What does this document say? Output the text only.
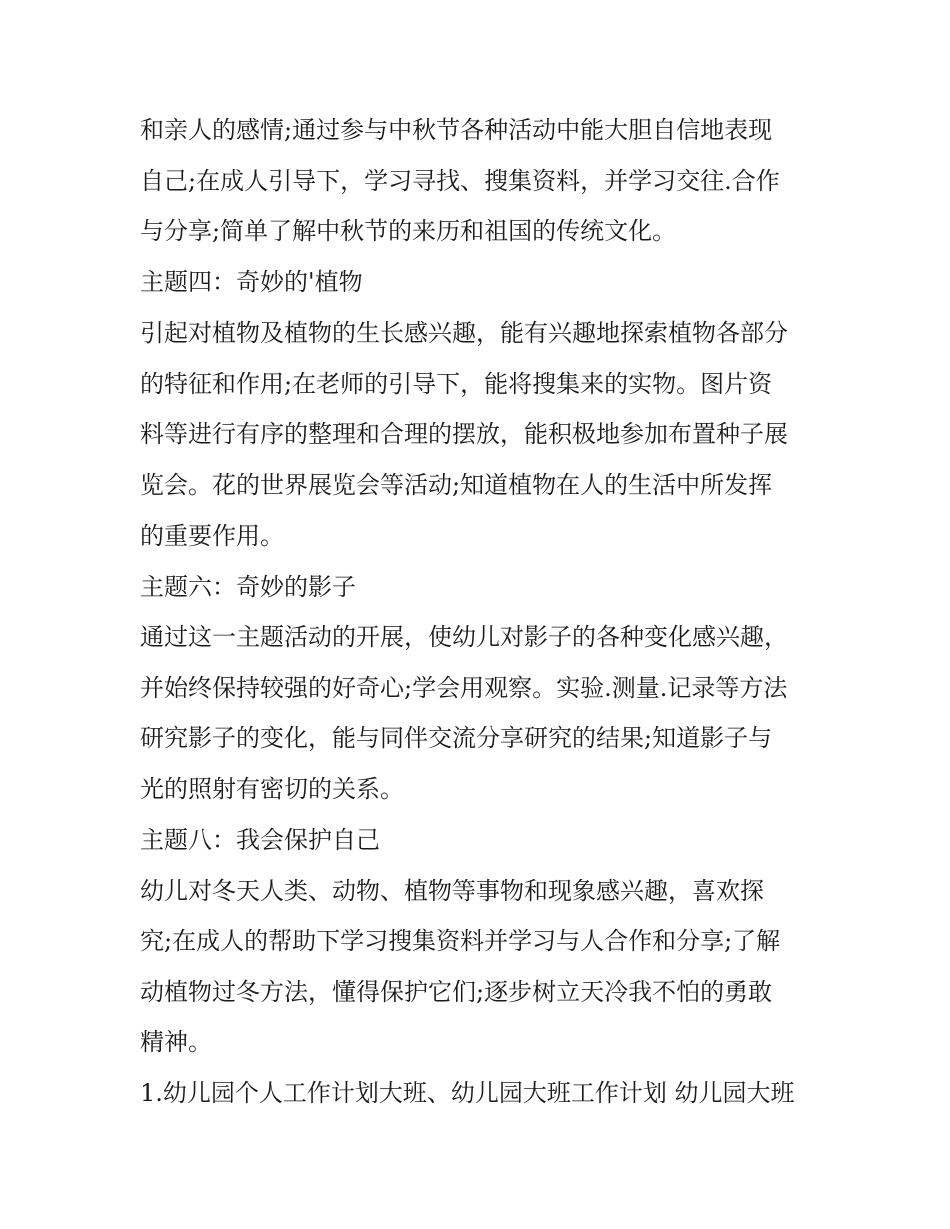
和亲人的感情;通过参与中秋节各种活动中能大胆自信地表现
自己;在成人引导下，学习寻找、搜集资料，并学习交往.合作
与分享;简单了解中秋节的来历和祖国的传统文化。
主题四：奇妙的'植物
引起对植物及植物的生长感兴趣，能有兴趣地探索植物各部分
的特征和作用;在老师的引导下，能将搜集来的实物。图片资
料等进行有序的整理和合理的摆放，能积极地参加布置种子展
览会。花的世界展览会等活动;知道植物在人的生活中所发挥
的重要作用。
主题六：奇妙的影子
通过这一主题活动的开展，使幼儿对影子的各种变化感兴趣，
并始终保持较强的好奇心;学会用观察。实验.测量.记录等方法
研究影子的变化，能与同伴交流分享研究的结果;知道影子与
光的照射有密切的关系。
主题八：我会保护自己
幼儿对冬天人类、动物、植物等事物和现象感兴趣，喜欢探
究;在成人的帮助下学习搜集资料并学习与人合作和分享;了解
动植物过冬方法，懂得保护它们;逐步树立天冷我不怕的勇敢
精神。
1.幼儿园个人工作计划大班、幼儿园大班工作计划 幼儿园大班
